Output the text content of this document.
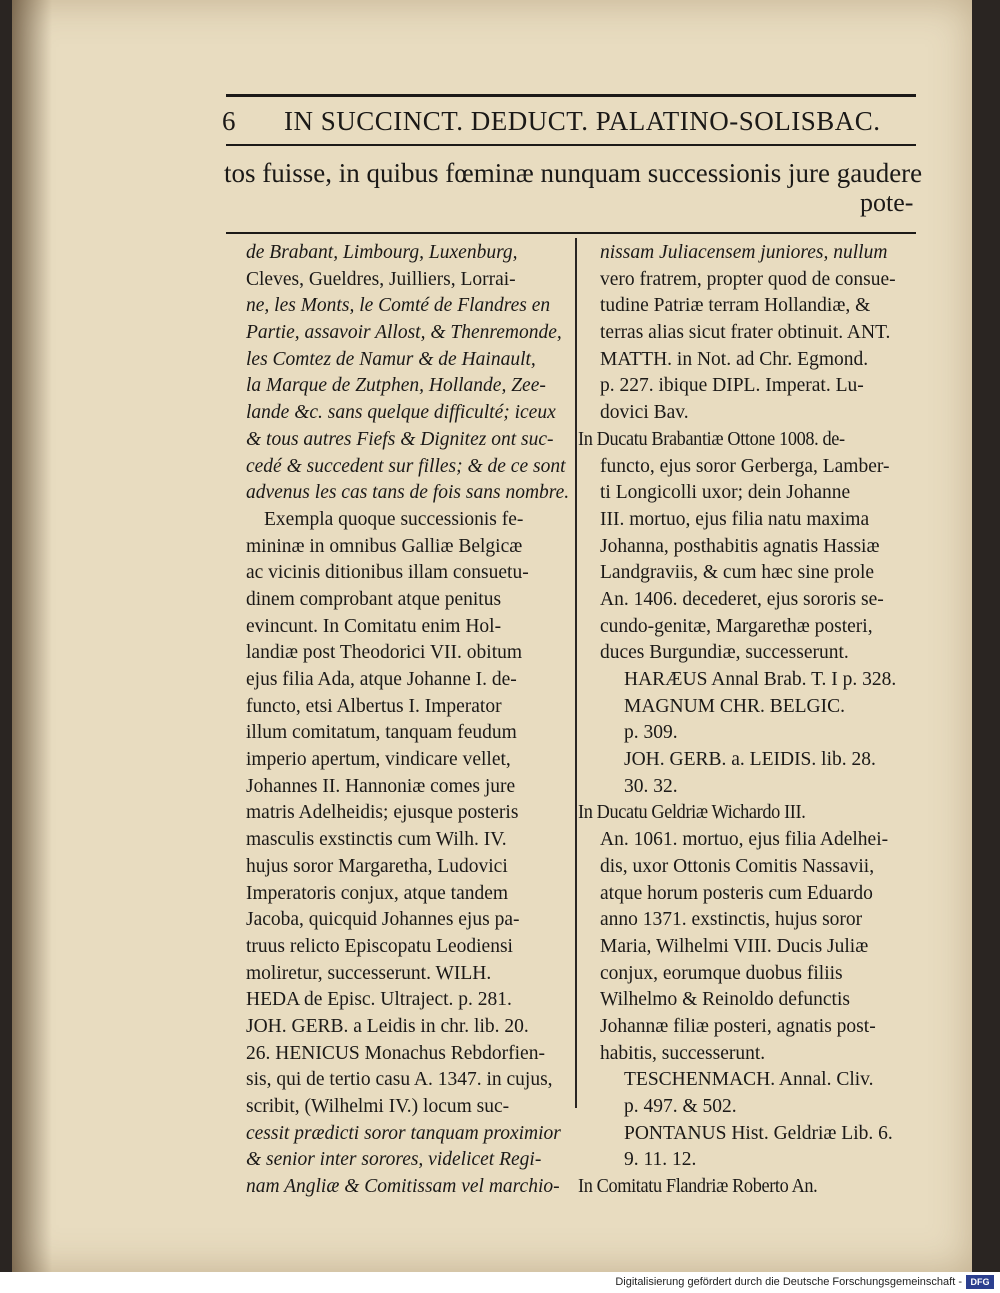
6 IN SUCCINCT. DEDUCT. PALATINO-SOLISBAC.
tos fuisse, in quibus fœminæ nunquam successionis jure gaudere
pote-
de Brabant, Limbourg, Luxenburg,
Cleves, Gueldres, Juilliers, Lorrai-
ne, les Monts, le Comté de Flandres en
Partie, assavoir Allost, & Thenremonde,
les Comtez de Namur & de Hainault,
la Marque de Zutphen, Hollande, Zee-
lande &c. sans quelque difficulté; iceux
& tous autres Fiefs & Dignitez ont suc-
cedé & succedent sur filles; & de ce sont
advenus les cas tans de fois sans nombre.
Exempla quoque successionis fe-
mininæ in omnibus Galliæ Belgicæ
ac vicinis ditionibus illam consuetu-
dinem comprobant atque penitus
evincunt. In Comitatu enim Hol-
landiæ post Theodorici VII. obitum
ejus filia Ada, atque Johanne I. de-
functo, etsi Albertus I. Imperator
illum comitatum, tanquam feudum
imperio apertum, vindicare vellet,
Johannes II. Hannoniæ comes jure
matris Adelheidis; ejusque posteris
masculis exstinctis cum Wilh. IV.
hujus soror Margaretha, Ludovici
Imperatoris conjux, atque tandem
Jacoba, quicquid Johannes ejus pa-
truus relicto Episcopatu Leodiensi
moliretur, successerunt. WILH.
HEDA de Episc. Ultraject. p. 281.
JOH. GERB. a Leidis in chr. lib. 20.
26. HENICUS Monachus Rebdorfien-
sis, qui de tertio casu A. 1347. in cujus,
scribit, (Wilhelmi IV.) locum suc-
cessit prædicti soror tanquam proximior
& senior inter sorores, videlicet Regi-
nam Angliæ & Comitissam vel marchio-
nissam Juliacensem juniores, nullum
vero fratrem, propter quod de consue-
tudine Patriæ terram Hollandiæ, &
terras alias sicut frater obtinuit. ANT.
MATTH. in Not. ad Chr. Egmond.
p. 227. ibique DIPL. Imperat. Lu-
dovici Bav.
In Ducatu Brabantiæ Ottone 1008. de-
functo, ejus soror Gerberga, Lamber-
ti Longicolli uxor; dein Johanne
III. mortuo, ejus filia natu maxima
Johanna, posthabitis agnatis Hassiæ
Landgraviis, & cum hæc sine prole
An. 1406. decederet, ejus sororis se-
cundo-genitæ, Margarethæ posteri,
duces Burgundiæ, successerunt.
HARÆUS Annal Brab. T. I p. 328.
MAGNUM CHR. BELGIC.
p. 309.
JOH. GERB. a. LEIDIS. lib. 28.
30. 32.
In Ducatu Geldriæ Wichardo III.
An. 1061. mortuo, ejus filia Adelhei-
dis, uxor Ottonis Comitis Nassavii,
atque horum posteris cum Eduardo
anno 1371. exstinctis, hujus soror
Maria, Wilhelmi VIII. Ducis Juliæ
conjux, eorumque duobus filiis
Wilhelmo & Reinoldo defunctis
Johannæ filiæ posteri, agnatis post-
habitis, successerunt.
TESCHENMACH. Annal. Cliv.
p. 497. & 502.
PONTANUS Hist. Geldriæ Lib. 6.
9. 11. 12.
In Comitatu Flandriæ Roberto An.
Digitalisierung gefördert durch die Deutsche Forschungsgemeinschaft - DFG
